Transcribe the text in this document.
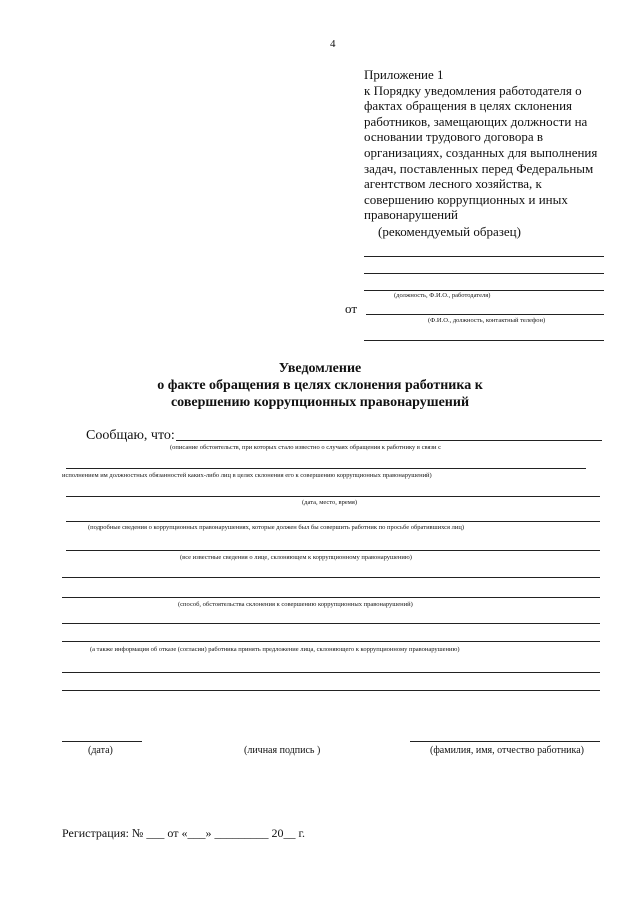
4
Приложение 1
к Порядку уведомления работодателя о
фактах обращения в целях склонения
работников, замещающих должности на
основании трудового договора в
организациях, созданных для выполнения
задач, поставленных перед Федеральным
агентством лесного хозяйства, к
совершению коррупционных и иных
правонарушений
(рекомендуемый образец)
(должность, Ф.И.О., работодателя)
от
(Ф.И.О., должность, контактный телефон)
Уведомление
о факте обращения в целях склонения работника к
совершению коррупционных правонарушений
Сообщаю, что:
(описание обстоятельств, при которых стало известно о случаях обращения к работнику в связи с
исполнением им должностных обязанностей каких-либо лиц в целях склонения его к совершению коррупционных правонарушений)
(дата, место, время)
(подробные сведения о коррупционных правонарушениях, которые должен был бы совершить работник по просьбе обратившихся лиц)
(все известные сведения о лице, склоняющем к коррупционному правонарушению)
(способ, обстоятельства склонения к совершению коррупционных правонарушений)
(а также информация об отказе (согласии) работника принять предложение лица, склоняющего к коррупционному правонарушению)
(дата)	(личная подпись )	(фамилия, имя, отчество работника)
Регистрация: № ___ от «___» _________ 20__ г.
